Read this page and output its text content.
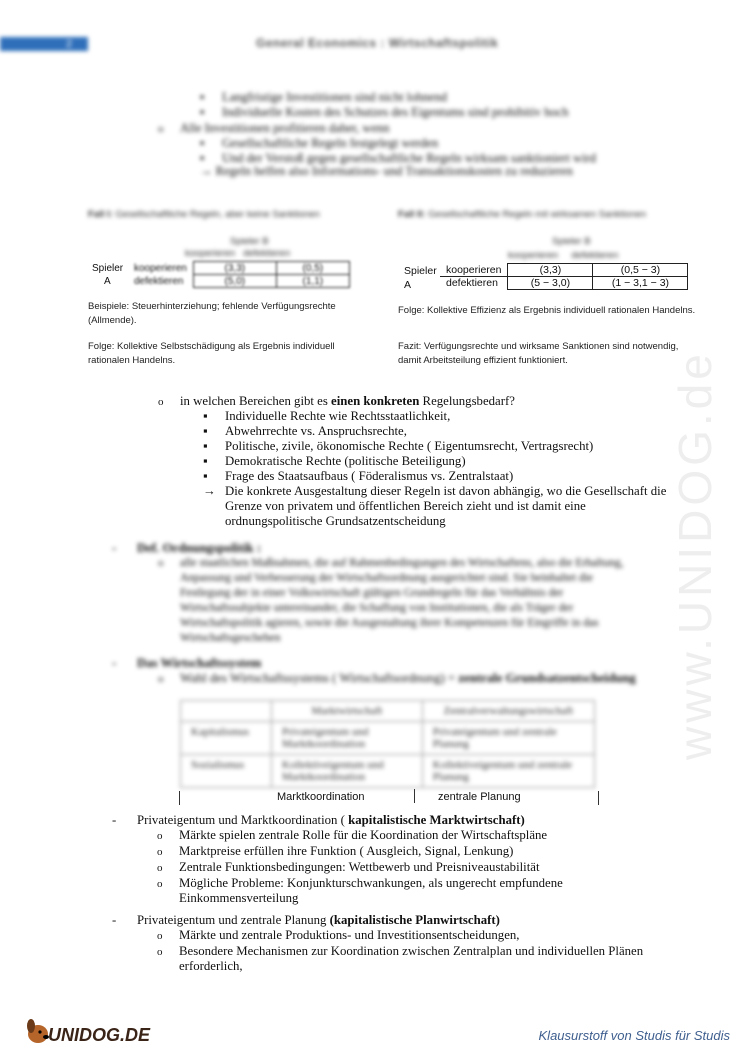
2	General Economics : Wirtschaftspolitik
▪ Langfristige Investitionen sind nicht lohnend
▪ Individuelle Kosten des Schutzes des Eigentums sind prohibitiv hoch
o Alle Investitionen profitieren daher, wenn
▪ Gesellschaftliche Regeln festgelegt werden
▪ Und der Verstoß gegen gesellschaftliche Regeln wirksam sanktioniert wird
→ Regeln helfen also Informations- und Transaktionskosten zu reduzieren
Fall I: Gesellschaftliche Regeln, aber keine Sanktionen
Spieler B
kooperieren defektieren
Spieler
A
kooperieren	(3,3)	(0,5)
defektieren	(5,0)	(1,1)
Beispiele: Steuerhinterziehung; fehlende Verfügungsrechte (Allmende).
Folge: Kollektive Selbstschädigung als Ergebnis individuell rationalen Handelns.
Fall II: Gesellschaftliche Regeln mit wirksamen Sanktionen
Spieler B
kooperieren defektieren
Spieler
A
kooperieren	(3,3)	(0,5 − 3)
defektieren	(5 − 3,0)	(1 − 3,1 − 3)
Folge: Kollektive Effizienz als Ergebnis individuell rationalen Handelns.
Fazit: Verfügungsrechte und wirksame Sanktionen sind notwendig, damit Arbeitsteilung effizient funktioniert.
o in welchen Bereichen gibt es einen konkreten Regelungsbedarf?
▪ Individuelle Rechte wie Rechtsstaatlichkeit,
▪ Abwehrrechte vs. Anspruchsrechte,
▪ Politische, zivile, ökonomische Rechte ( Eigentumsrecht, Vertragsrecht)
▪ Demokratische Rechte (politische Beteiligung)
▪ Frage des Staatsaufbaus ( Föderalismus vs. Zentralstaat)
→ Die konkrete Ausgestaltung dieser Regeln ist davon abhängig, wo die Gesellschaft die Grenze von privatem und öffentlichen Bereich zieht und ist damit eine ordnungspolitische Grundsatzentscheidung
- Def. Ordnungspolitik :
o
alle staatlichen Maßnahmen, die auf Rahmenbedingungen des Wirtschaftens, also die Erhaltung, Anpassung und Verbesserung der Wirtschaftsordnung ausgerichtet sind. Sie beinhaltet die Festlegung der in einer Volkswirtschaft gültigen Grundregeln für das Verhältnis der Wirtschaftssubjekte untereinander, die Schaffung von Institutionen, die als Träger der Wirtschaftspolitik agieren, sowie die Ausgestaltung ihrer Kompetenzen für Eingriffe in das Wirtschaftsgeschehen
- Das Wirtschaftssystem
o Wahl des Wirtschaftssystems ( Wirtschaftsordnung) = zentrale Grundsatzentscheidung
	Marktwirtschaft	Zentralverwaltungswirtschaft
Kapitalismus	Privateigentum und Marktkoordination	Privateigentum und zentrale Planung
Sozialismus	Kollektiveigentum und Marktkoordination	Kollektiveigentum und zentrale Planung
Marktkoordination	zentrale Planung
- Privateigentum und Marktkoordination ( kapitalistische Marktwirtschaft)
o Märkte spielen zentrale Rolle für die Koordination der Wirtschaftspläne
o Marktpreise erfüllen ihre Funktion ( Ausgleich, Signal, Lenkung)
o Zentrale Funktionsbedingungen: Wettbewerb und Preisniveaustabilität
o
Mögliche Probleme: Konjunkturschwankungen, als ungerecht empfundene Einkommensverteilung
- Privateigentum und zentrale Planung (kapitalistische Planwirtschaft)
o Märkte und zentrale Produktions- und Investitionsentscheidungen,
o
Besondere Mechanismen zur Koordination zwischen Zentralplan und individuellen Plänen erforderlich,
www.UNIDOG.de
UNIDOG.DE	Klausurstoff von Studis für Studis
